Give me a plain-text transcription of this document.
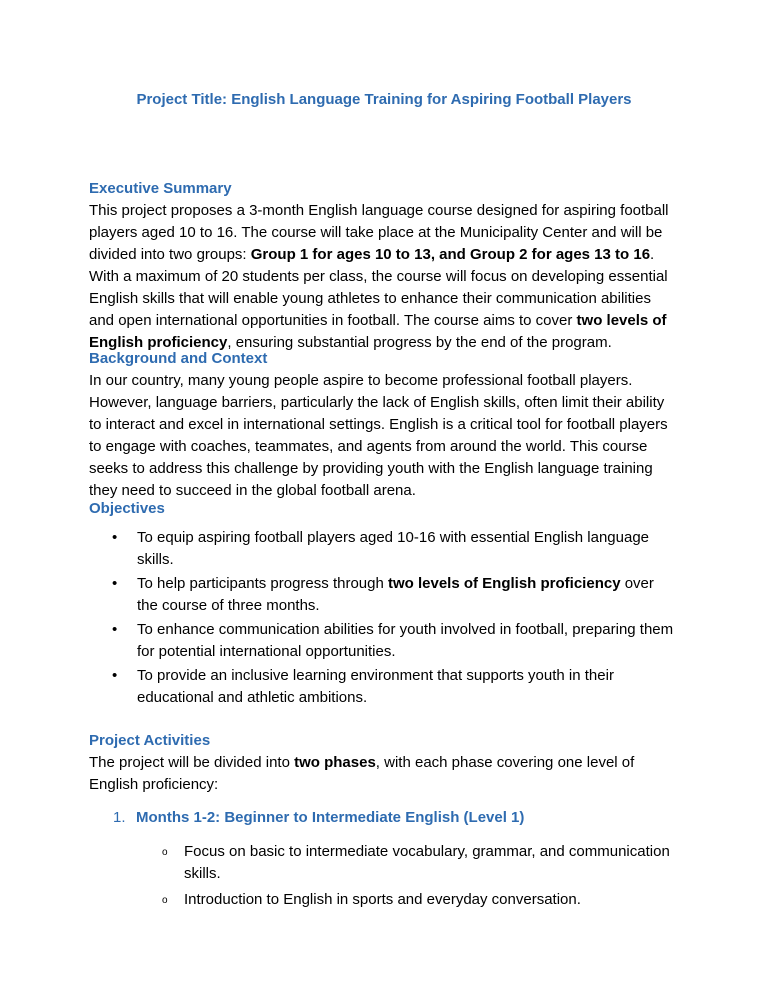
Project Title: English Language Training for Aspiring Football Players
Executive Summary
This project proposes a 3-month English language course designed for aspiring football players aged 10 to 16. The course will take place at the Municipality Center and will be divided into two groups: Group 1 for ages 10 to 13, and Group 2 for ages 13 to 16. With a maximum of 20 students per class, the course will focus on developing essential English skills that will enable young athletes to enhance their communication abilities and open international opportunities in football. The course aims to cover two levels of English proficiency, ensuring substantial progress by the end of the program.
Background and Context
In our country, many young people aspire to become professional football players. However, language barriers, particularly the lack of English skills, often limit their ability to interact and excel in international settings. English is a critical tool for football players to engage with coaches, teammates, and agents from around the world. This course seeks to address this challenge by providing youth with the English language training they need to succeed in the global football arena.
Objectives
• To equip aspiring football players aged 10-16 with essential English language skills.
• To help participants progress through two levels of English proficiency over the course of three months.
• To enhance communication abilities for youth involved in football, preparing them for potential international opportunities.
• To provide an inclusive learning environment that supports youth in their educational and athletic ambitions.
Project Activities
The project will be divided into two phases, with each phase covering one level of English proficiency:
1. Months 1-2: Beginner to Intermediate English (Level 1)
o Focus on basic to intermediate vocabulary, grammar, and communication skills.
o Introduction to English in sports and everyday conversation.
